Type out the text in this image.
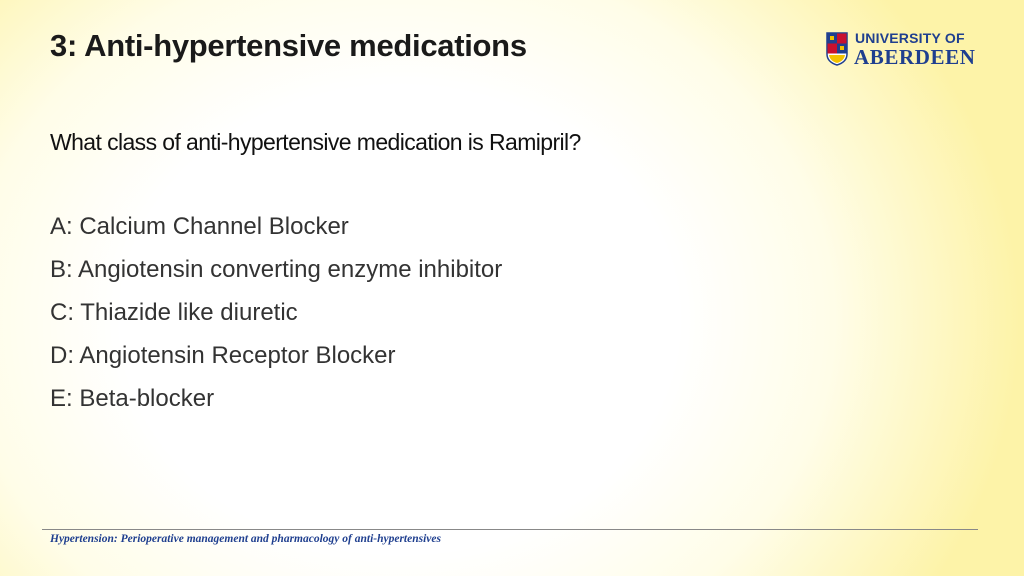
3: Anti-hypertensive medications	UNIVERSITY OF
ABERDEEN
What class of anti-hypertensive medication is Ramipril?
A: Calcium Channel Blocker
B: Angiotensin converting enzyme inhibitor
C: Thiazide like diuretic
D: Angiotensin Receptor Blocker
E: Beta-blocker
Hypertension: Perioperative management and pharmacology of anti-hypertensives
